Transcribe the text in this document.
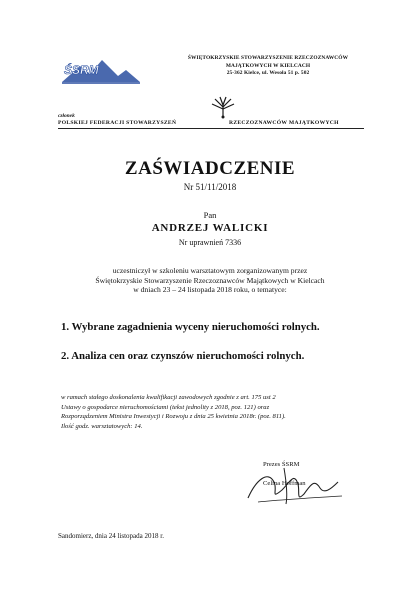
ŚSRM
ŚWIĘTOKRZYSKIE STOWARZYSZENIE RZECZOZNAWCÓW
MAJĄTKOWYCH W KIELCACH
25-362 Kielce, ul. Wesoła 51 p. 502
członek
POLSKIEJ FEDERACJI STOWARZYSZEŃ	RZECZOZNAWCÓW MAJĄTKOWYCH
ZAŚWIADCZENIE
Nr 51/11/2018
Pan
ANDRZEJ WALICKI
Nr uprawnień 7336
uczestniczył w szkoleniu warsztatowym zorganizowanym przez
Świętokrzyskie Stowarzyszenie Rzeczoznawców Majątkowych w Kielcach
w dniach 23 – 24 listopada 2018 roku, o tematyce:
1. Wybrane zagadnienia wyceny nieruchomości rolnych.
2. Analiza cen oraz czynszów nieruchomości rolnych.
w ramach stałego doskonalenia kwalifikacji zawodowych zgodnie z art. 175 ust 2
Ustawy o gospodarce nieruchomościami (tekst jednolity z 2018, poz. 121) oraz
Rozporządzeniem Ministra Inwestycji i Rozwoju z dnia 25 kwietnia 2018r. (poz. 811).
Ilość godz. warsztatowych: 14.
Prezes ŚSRM
Celina Hoffman
Sandomierz, dnia 24 listopada 2018 r.
